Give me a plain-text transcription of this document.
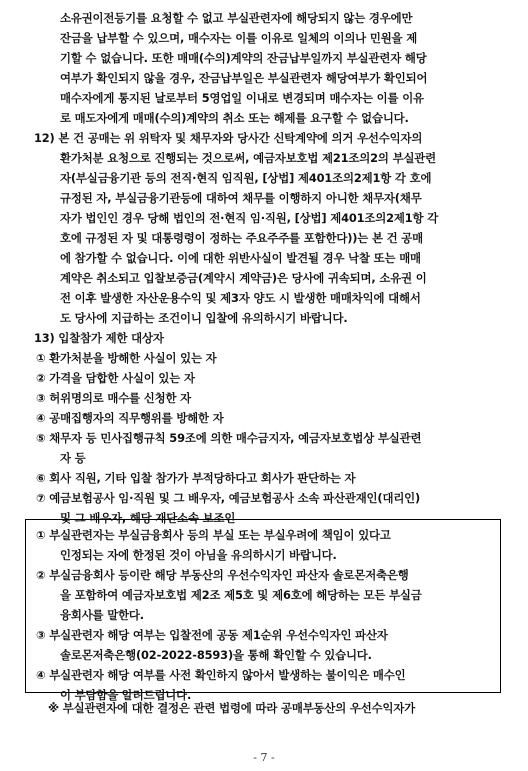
소유권이전등기를 요청할 수 없고 부실관련자에 해당되지 않는 경우에만
잔금을 납부할 수 있으며, 매수자는 이를 이유로 일체의 이의나 민원을 제
기할 수 없습니다. 또한 매매(수의)계약의 잔금납부일까지 부실관련자 해당
여부가 확인되지 않을 경우, 잔금납부일은 부실관련자 해당여부가 확인되어
매수자에게 통지된 날로부터 5영업일 이내로 변경되며 매수자는 이를 이유
로 매도자에게 매매(수의)계약의 취소 또는 해제를 요구할 수 없습니다.
12) 본 건 공매는 위 위탁자 및 채무자와 당사간 신탁계약에 의거 우선수익자의
환가처분 요청으로 진행되는 것으로써, 예금자보호법 제21조의2의 부실관련
자(부실금융기관 등의 전직·현직 임직원, [상법] 제401조의2제1항 각 호에
규정된 자, 부실금융기관등에 대하여 채무를 이행하지 아니한 채무자(채무
자가 법인인 경우 당해 법인의 전·현직 임·직원, [상법] 제401조의2제1항 각
호에 규정된 자 및 대통령령이 정하는 주요주주를 포함한다))는 본 건 공매
에 참가할 수 없습니다. 이에 대한 위반사실이 발견될 경우 낙찰 또는 매매
계약은 취소되고 입찰보증금(계약시 계약금)은 당사에 귀속되며, 소유권 이
전 이후 발생한 자산운용수익 및 제3자 양도 시 발생한 매매차익에 대해서
도 당사에 지급하는 조건이니 입찰에 유의하시기 바랍니다.
13) 입찰참가 제한 대상자
① 환가처분을 방해한 사실이 있는 자
② 가격을 담합한 사실이 있는 자
③ 허위명의로 매수를 신청한 자
④ 공매집행자의 직무행위를 방해한 자
⑤ 채무자 등 민사집행규칙 59조에 의한 매수금지자, 예금자보호법상 부실관련
자 등
⑥ 회사 직원, 기타 입찰 참가가 부적당하다고 회사가 판단하는 자
⑦ 예금보험공사 임·직원 및 그 배우자, 예금보험공사 소속 파산관재인(대리인)
및 그 배우자, 해당 재단소속 보조인
① 부실관련자는 부실금융회사 등의 부실 또는 부실우려에 책임이 있다고
인정되는 자에 한정된 것이 아님을 유의하시기 바랍니다.
② 부실금융회사 등이란 해당 부동산의 우선수익자인 파산자 솔로몬저축은행
을 포함하여 예금자보호법 제2조 제5호 및 제6호에 해당하는 모든 부실금
융회사를 말한다.
③ 부실관련자 해당 여부는 입찰전에 공동 제1순위 우선수익자인 파산자
솔로몬저축은행(02-2022-8593)을 통해 확인할 수 있습니다.
④ 부실관련자 해당 여부를 사전 확인하지 않아서 발생하는 불이익은 매수인
이 부담함을 알려드립니다.
※ 부실관련자에 대한 결정은 관련 법령에 따라 공매부동산의 우선수익자가
- 7 -
